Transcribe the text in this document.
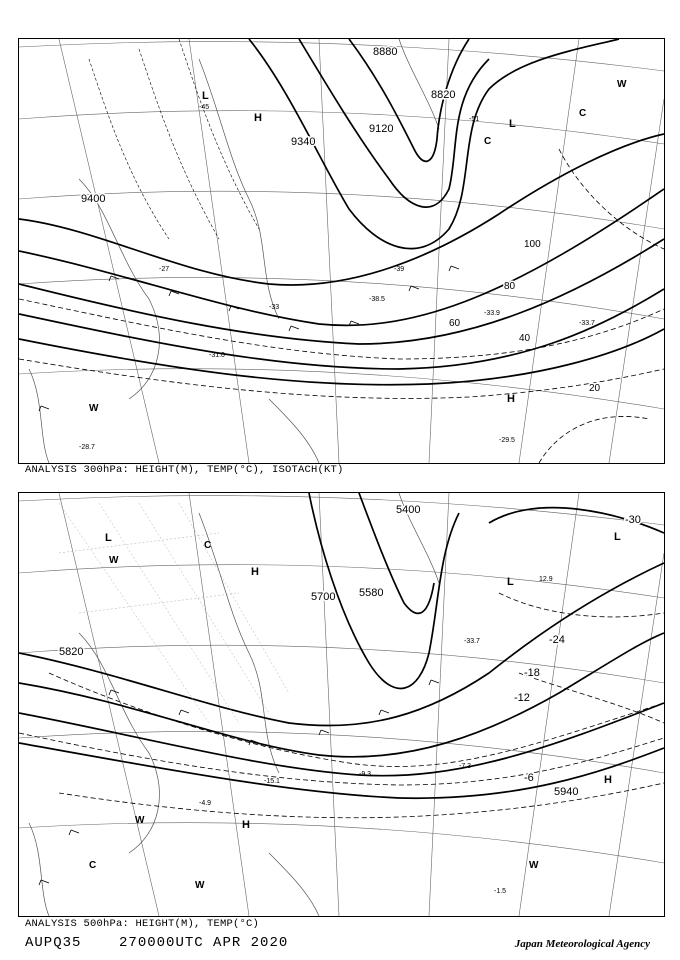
8880
8820
9120
9340
9400
20
40
60
80
100
-45
-39
-33
-27
-51
-29.5
-38.5
-33.9
-31.0
-33.7
-28.7
H
H
L
L
C
C
W
W
ANALYSIS 300hPa: HEIGHT(M), TEMP(°C), ISOTACH(KT)
5400
5580
5700
5820
5940
-30
-24
-18
-12
-6
-15.1
-9.3
-7.3
-4.9
-1.5
-33.7
12.9
H
H
H
L
L
L
C
C
W
W
W
W
ANALYSIS 500hPa: HEIGHT(M), TEMP(°C)
AUPQ35	270000UTC APR 2020	Japan Meteorological Agency
